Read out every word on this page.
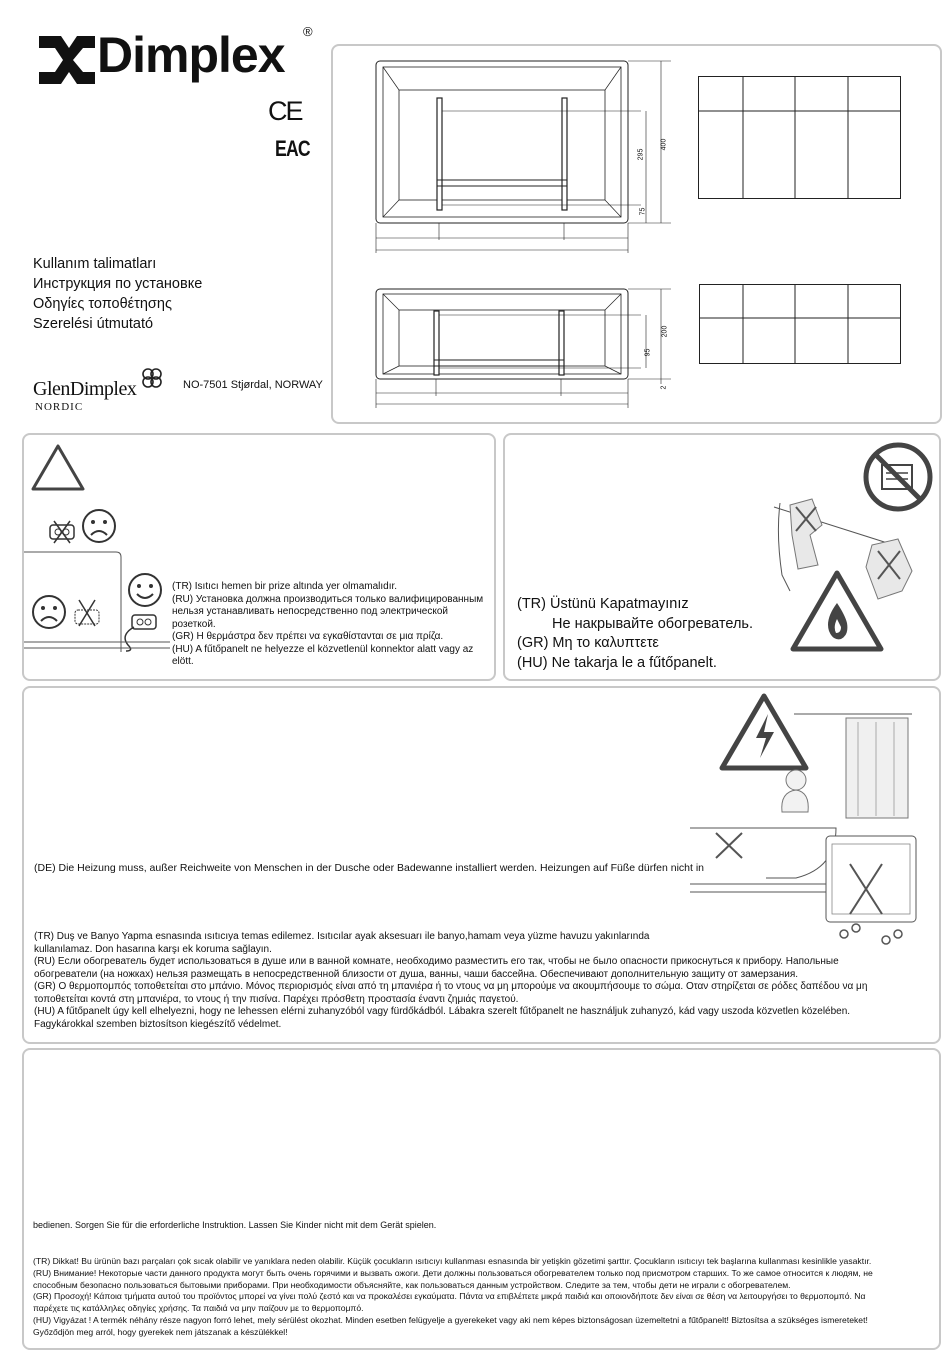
Dimplex ®
CE
EAC
Kullanım talimatları
Инструкция по установке
Οδηγίες τοποθέτησης
Szerelési útmutató
GlenDimplex
NORDIC
NO-7501 Stjørdal, NORWAY
295
400
75
200
95
2
(TR) Isıtıcı hemen bir prize altında yer olmamalıdır.
(RU) Установка должна производиться только валифицированным
нельзя устанавливать непосредственно под электрической
розеткой.
(GR) Η θερμάστρα δεν πρέπει να εγκαθίστανται σε μια πρίζα.
(HU) A fűtőpanelt ne helyezze el közvetlenül konnektor alatt vagy az
elött.
(TR) Üstünü Kapatmayınız
Не накрывайте обогреватель.
(GR) Μη το καλυπτετε
(HU) Ne takarja le a fűtőpanelt.
(DE) Die Heizung muss, außer Reichweite von Menschen in der Dusche oder Badewanne installiert werden. Heizungen auf Füße dürfen nicht in
(TR) Duş ve Banyo Yapma esnasında ısıtıcıya temas edilemez. Isıtıcılar ayak aksesuarı ile banyo,hamam veya yüzme havuzu yakınlarında
kullanılamaz. Don hasarına karşı ek koruma sağlayın.
(RU) Если обогреватель будет использоваться в душе или в ванной комнате, необходимо разместить его так, чтобы не было опасности прикоснуться к прибору. Напольные
обогреватели (на ножках) нельзя размещать в непосредственной близости от душа, ванны, чаши бассейна. Обеспечивают дополнительную защиту от замерзания.
(GR) Ο θερμοπομπός τοποθετείται στο μπάνιο. Μόνος περιορισμός είναι από τη μπανιέρα ή το ντους να μη μπορούμε να ακουμπήσουμε το σώμα. Οταν στηρίζεται σε ρόδες δαπέδου να μη
τοποθετείται κοντά στη μπανιέρα, το ντους ή την πισίνα. Παρέχει πρόσθετη προστασία έναντι ζημιάς παγετού.
(HU) A fűtőpanelt úgy kell elhelyezni, hogy ne lehessen elérni zuhanyzóból vagy fürdőkádból. Lábakra szerelt fűtőpanelt ne használjuk zuhanyzó, kád vagy uszoda közvetlen közelében.
Fagykárokkal szemben biztosítson kiegészítő védelmet.
bedienen. Sorgen Sie für die erforderliche Instruktion. Lassen Sie Kinder nicht mit dem Gerät spielen.
(TR) Dikkat! Bu ürünün bazı parçaları çok sıcak olabilir ve yanıklara neden olabilir. Küçük çocukların ısıtıcıyı kullanması esnasında bir yetişkin gözetimi şarttır. Çocukların ısıtıcıyı tek başlarına kullanması kesinlikle yasaktır.
(RU) Внимание! Некоторые части данного продукта могут быть очень горячими и вызвать ожоги. Дети должны пользоваться обогревателем только под присмотром старших. То же самое относится к людям, не
способным безопасно пользоваться бытовыми приборами. При необходимости объясняйте, как пользоваться данным устройством. Следите за тем, чтобы дети не играли с обогревателем.
(GR) Προσοχή! Κάποια τμήματα αυτού του προϊόντος μπορεί να γίνει πολύ ζεστό και να προκαλέσει εγκαύματα. Πάντα να επιβλέπετε μικρά παιδιά και οποιονδήποτε δεν είναι σε θέση να λειτουργήσει το θερμοπομπό. Να
παρέχετε τις κατάλληλες οδηγίες χρήσης. Τα παιδιά να μην παίζουν με το θερμοπομπό.
(HU) Vigyázat ! A termék néhány része nagyon forró lehet, mely sérülést okozhat. Minden esetben felügyelje a gyerekeket vagy aki nem képes biztonságosan üzemeltetni a fűtőpanelt! Biztosítsa a szükséges ismereteket!
Győződjön meg arról, hogy gyerekek nem játszanak a készülékkel!
